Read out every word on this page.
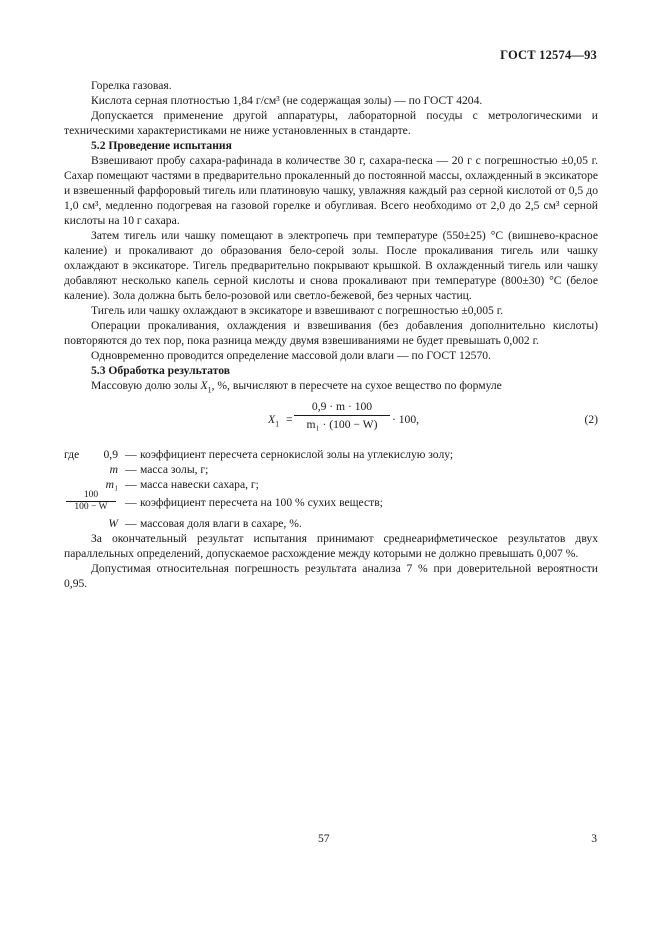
ГОСТ 12574—93

Горелка газовая.

Кислота серная плотностью 1,84 г/см³ (не содержащая золы) — по ГОСТ 4204.

Допускается применение другой аппаратуры, лабораторной посуды с метрологическими и техническими характеристиками не ниже установленных в стандарте.

5.2 Проведение испытания

Взвешивают пробу сахара-рафинада в количестве 30 г, сахара-песка — 20 г с погрешностью ±0,05 г. Сахар помещают частями в предварительно прокаленный до постоянной массы, охлажденный в эксикаторе и взвешенный фарфоровый тигель или платиновую чашку, увлажняя каждый раз серной кислотой от 0,5 до 1,0 см³, медленно подогревая на газовой горелке и обугливая. Всего необходимо от 2,0 до 2,5 см³ серной кислоты на 10 г сахара.

Затем тигель или чашку помещают в электропечь при температуре (550±25) °С (вишнево-красное каление) и прокаливают до образования бело-серой золы. После прокаливания тигель или чашку охлаждают в эксикаторе. Тигель предварительно покрывают крышкой. В охлажденный тигель или чашку добавляют несколько капель серной кислоты и снова прокаливают при температуре (800±30) °С (белое каление). Зола должна быть бело-розовой или светло-бежевой, без черных частиц.

Тигель или чашку охлаждают в эксикаторе и взвешивают с погрешностью ±0,005 г.

Операции прокаливания, охлаждения и взвешивания (без добавления дополнительно кислоты) повторяются до тех пор, пока разница между двумя взвешиваниями не будет превышать 0,002 г.

Одновременно проводится определение массовой доли влаги — по ГОСТ 12570.

5.3 Обработка результатов

Массовую долю золы $X_1$, %, вычисляют в пересчете на сухое вещество по формуле

$X_1 = \frac{0,9 \cdot m \cdot 100}{\text{m₁ · (100 − W)}} \cdot 100$,	(2)
где	0,9 — коэффициент пересчета сернокислой золы на углекислую золу;
m — масса золы, г;
m₁ — масса навески сахара, г;
$\frac{100}{100 - W}$ — коэффициент пересчета на 100 % сухих веществ;
W — массовая доля влаги в сахаре, %.

За окончательный результат испытания принимают среднеарифметическое результатов двух параллельных определений, допускаемое расхождение между которыми не должно превышать 0,007 %.

Допустимая относительная погрешность результата анализа 7 % при доверительной вероятности 0,95.

57	3
